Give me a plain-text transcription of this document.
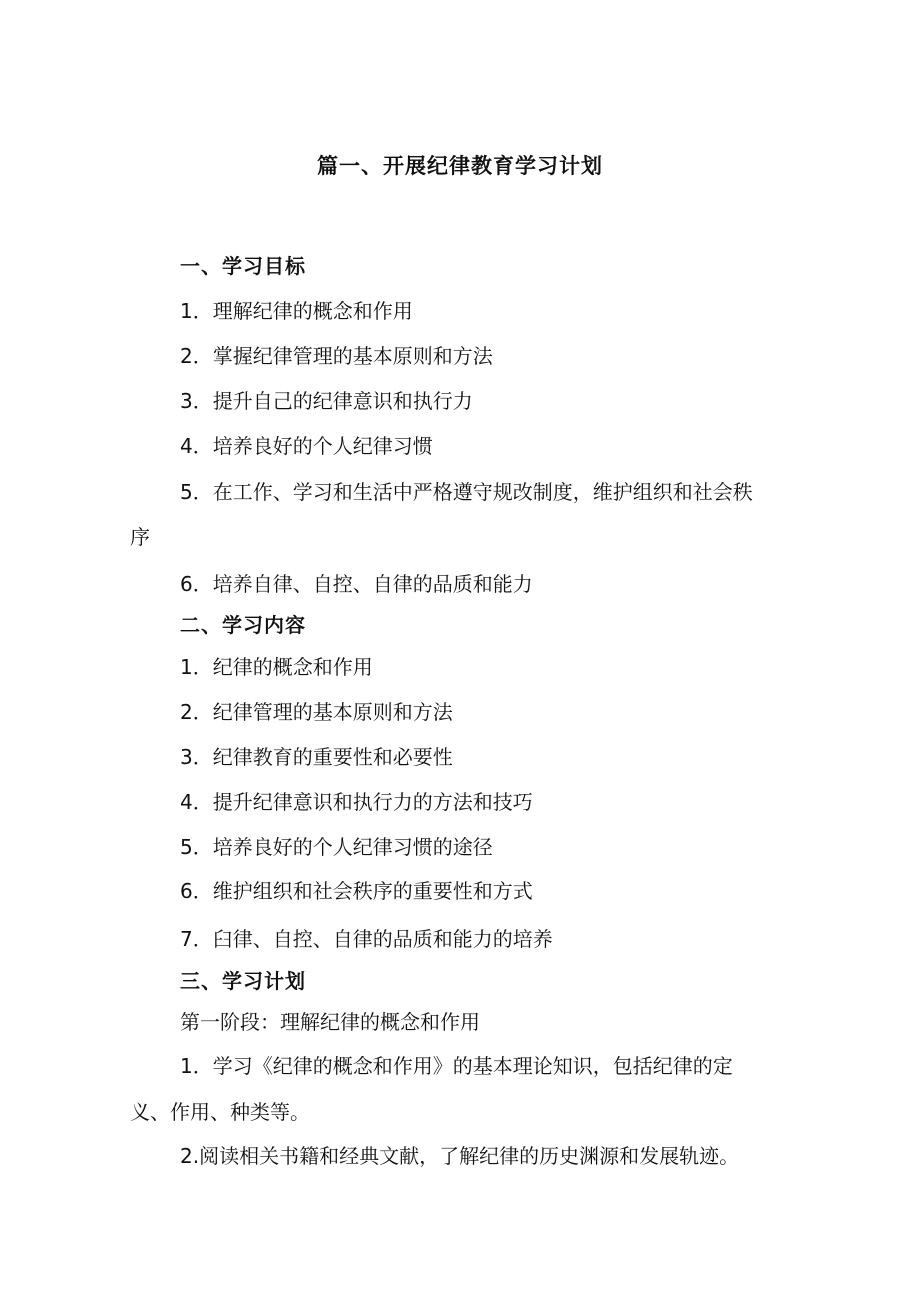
篇一、开展纪律教育学习计划
一、学习目标
1．理解纪律的概念和作用
2．掌握纪律管理的基本原则和方法
3．提升自己的纪律意识和执行力
4．培养良好的个人纪律习惯
5．在工作、学习和生活中严格遵守规改制度，维护组织和社会秩
序
6．培养自律、自控、自律的品质和能力
二、学习内容
1．纪律的概念和作用
2．纪律管理的基本原则和方法
3．纪律教育的重要性和必要性
4．提升纪律意识和执行力的方法和技巧
5．培养良好的个人纪律习惯的途径
6．维护组织和社会秩序的重要性和方式
7．臼律、自控、自律的品质和能力的培养
三、学习计划
第一阶段：理解纪律的概念和作用
1．学习《纪律的概念和作用》的基本理论知识，包括纪律的定
义、作用、种类等。
2.阅读相关书籍和经典文献，了解纪律的历史渊源和发展轨迹。
